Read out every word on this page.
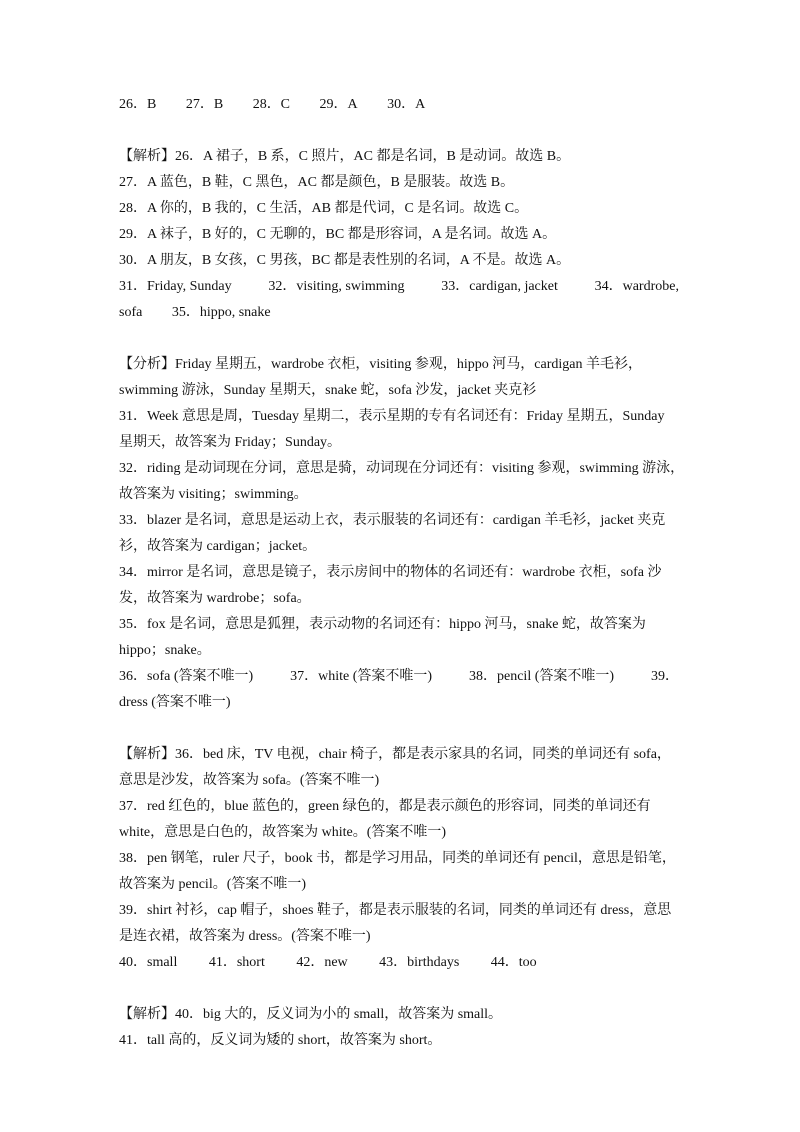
26．B 27．B 28．C 29．A 30．A
【解析】26．A 裙子，B 系，C 照片，AC 都是名词，B 是动词。故选 B。
27．A 蓝色，B 鞋，C 黑色，AC 都是颜色，B 是服装。故选 B。
28．A 你的，B 我的，C 生活，AB 都是代词，C 是名词。故选 C。
29．A 袜子，B 好的，C 无聊的，BC 都是形容词，A 是名词。故选 A。
30．A 朋友，B 女孩，C 男孩，BC 都是表性别的名词，A 不是。故选 A。
31．Friday, Sunday	32．visiting, swimming	33．cardigan, jacket	34．wardrobe,
sofa 35．hippo, snake
【分析】Friday 星期五，wardrobe 衣柜，visiting 参观，hippo 河马，cardigan 羊毛衫，
swimming 游泳，Sunday 星期天，snake 蛇，sofa 沙发，jacket 夹克衫
31．Week 意思是周，Tuesday 星期二，表示星期的专有名词还有：Friday 星期五，Sunday
星期天，故答案为 Friday；Sunday。
32．riding 是动词现在分词，意思是骑，动词现在分词还有：visiting 参观，swimming 游泳，
故答案为 visiting；swimming。
33．blazer 是名词，意思是运动上衣，表示服装的名词还有：cardigan 羊毛衫，jacket 夹克
衫，故答案为 cardigan；jacket。
34．mirror 是名词，意思是镜子，表示房间中的物体的名词还有：wardrobe 衣柜，sofa 沙
发，故答案为 wardrobe；sofa。
35．fox 是名词，意思是狐狸，表示动物的名词还有：hippo 河马，snake 蛇，故答案为
hippo；snake。
36．sofa (答案不唯一)	37．white (答案不唯一)	38．pencil (答案不唯一)	39．
dress (答案不唯一)
【解析】36．bed 床，TV 电视，chair 椅子，都是表示家具的名词，同类的单词还有 sofa，
意思是沙发，故答案为 sofa。(答案不唯一)
37．red 红色的，blue 蓝色的，green 绿色的，都是表示颜色的形容词，同类的单词还有
white，意思是白色的，故答案为 white。(答案不唯一)
38．pen 钢笔，ruler 尺子，book 书，都是学习用品，同类的单词还有 pencil，意思是铅笔，
故答案为 pencil。(答案不唯一)
39．shirt 衬衫，cap 帽子，shoes 鞋子，都是表示服装的名词，同类的单词还有 dress，意思
是连衣裙，故答案为 dress。(答案不唯一)
40．small 41．short 42．new 43．birthdays 44．too
【解析】40．big 大的，反义词为小的 small，故答案为 small。
41．tall 高的，反义词为矮的 short，故答案为 short。
